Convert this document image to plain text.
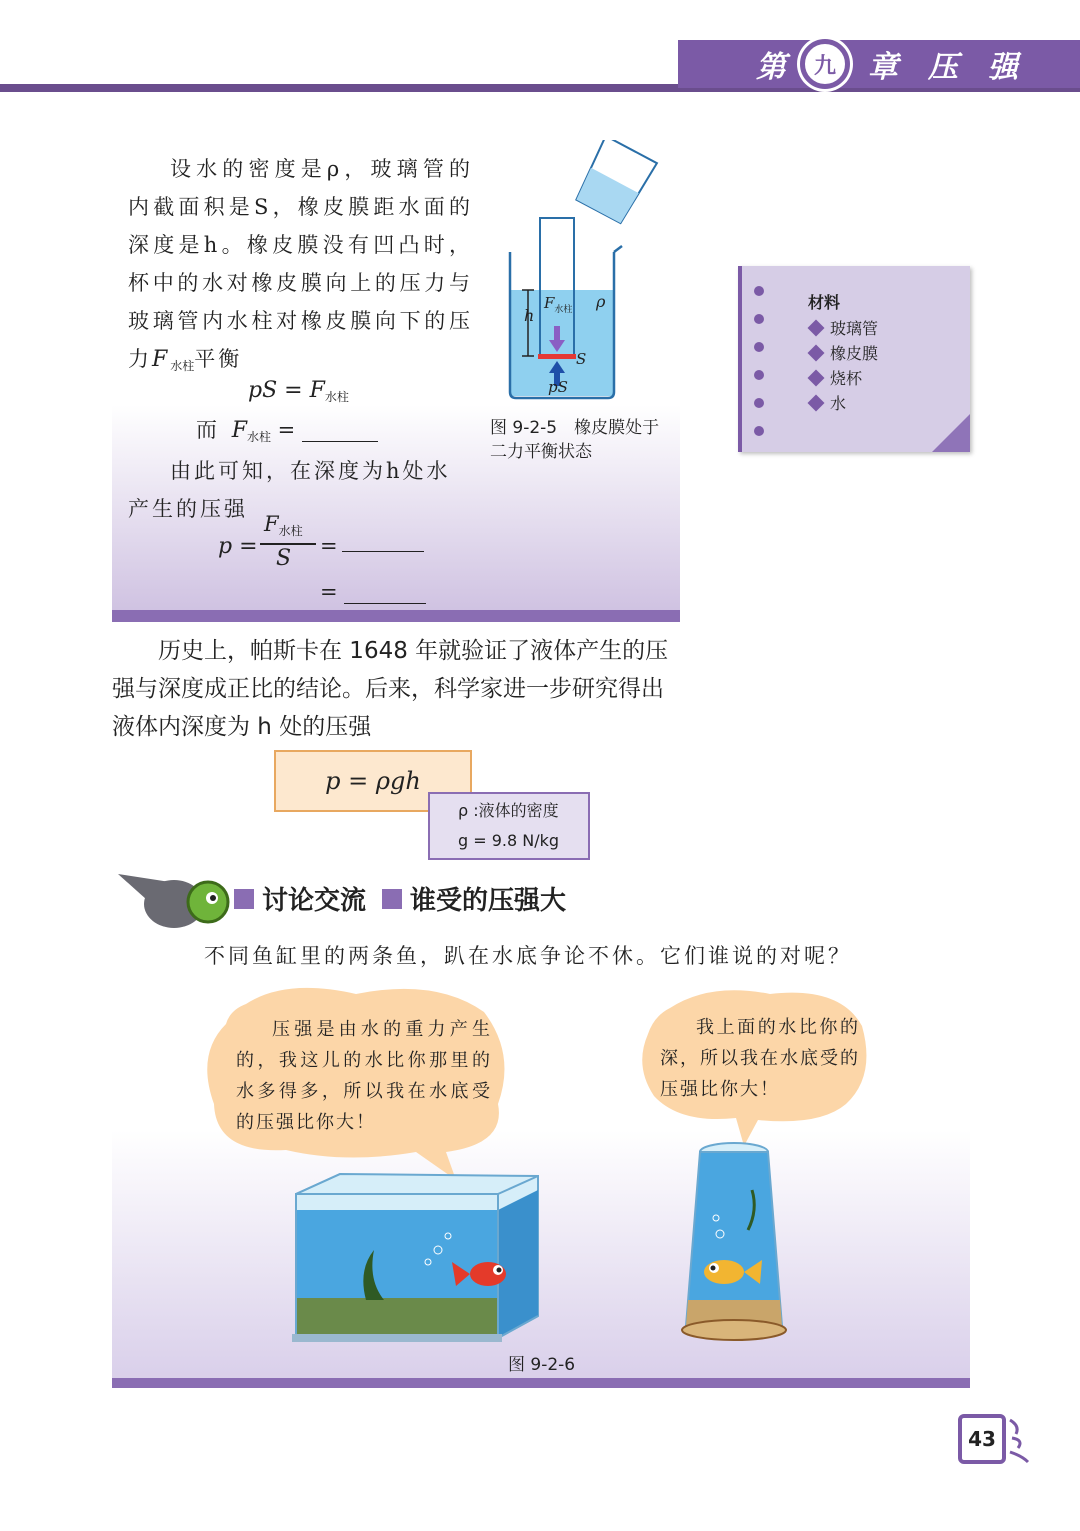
第	九	章 压 强
设水的密度是ρ，玻璃管的内截面积是S，橡皮膜距水面的深度是h。橡皮膜没有凹凸时，杯中的水对橡皮膜向上的压力与玻璃管内水柱对橡皮膜向下的压力$F_{水柱}$平衡
pS = $F_{水柱}$
而 $F_{水柱}$ =
由此可知，在深度为h处水产生的压强
p =
$F_{水柱}$
S =
=
h
$F_{水柱}$ ρ
S
pS
图 9-2-5　橡皮膜处于二力平衡状态
材料
玻璃管
橡皮膜
烧杯
水
历史上，帕斯卡在 1648 年就验证了液体产生的压强与深度成正比的结论。后来，科学家进一步研究得出液体内深度为 h 处的压强
p = ρgh
ρ :液体的密度
g = 9.8 N/kg
讨论交流 谁受的压强大
不同鱼缸里的两条鱼，趴在水底争论不休。它们谁说的对呢？
压强是由水的重力产生的，我这儿的水比你那里的水多得多，所以我在水底受的压强比你大！
我上面的水比你的深，所以我在水底受的压强比你大！
图 9-2-6
43
